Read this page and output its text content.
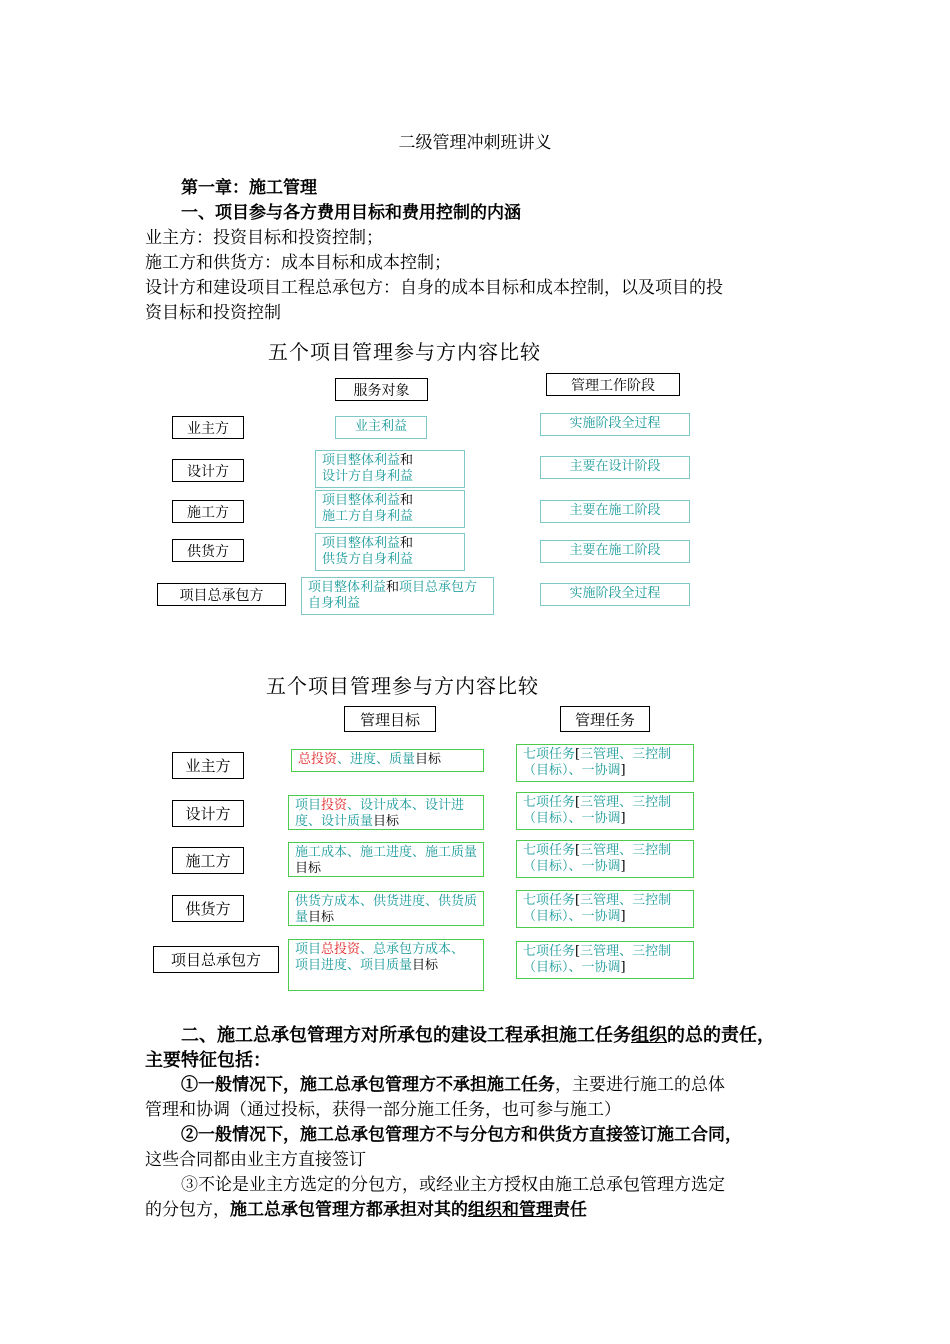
二级管理冲刺班讲义
第一章：施工管理
一、项目参与各方费用目标和费用控制的内涵
业主方：投资目标和投资控制；
施工方和供货方：成本目标和成本控制；
设计方和建设项目工程总承包方：自身的成本目标和成本控制，以及项目的投
资目标和投资控制
五个项目管理参与方内容比较
服务对象	管理工作阶段
业主方
设计方
施工方
供货方
项目总承包方
业主利益
项目整体利益和
设计方自身利益
项目整体利益和
施工方自身利益
项目整体利益和
供货方自身利益
项目整体利益和项目总承包方自身利益
实施阶段全过程
主要在设计阶段
主要在施工阶段
主要在施工阶段
实施阶段全过程
五个项目管理参与方内容比较
管理目标	管理任务
业主方
设计方
施工方
供货方
项目总承包方
总投资、进度、质量目标
项目投资、设计成本、设计进度、设计质量目标
施工成本、施工进度、施工质量目标
供货方成本、供货进度、供货质量目标
项目总投资、总承包方成本、项目进度、项目质量目标
七项任务[三管理、三控制（目标）、一协调]
七项任务[三管理、三控制（目标）、一协调]
七项任务[三管理、三控制（目标）、一协调]
七项任务[三管理、三控制（目标）、一协调]
七项任务[三管理、三控制（目标）、一协调]
二、施工总承包管理方对所承包的建设工程承担施工任务组织的总的责任，
主要特征包括：
①一般情况下，施工总承包管理方不承担施工任务，主要进行施工的总体
管理和协调（通过投标，获得一部分施工任务，也可参与施工）
②一般情况下，施工总承包管理方不与分包方和供货方直接签订施工合同，
这些合同都由业主方直接签订
③不论是业主方选定的分包方，或经业主方授权由施工总承包管理方选定
的分包方，施工总承包管理方都承担对其的组织和管理责任
